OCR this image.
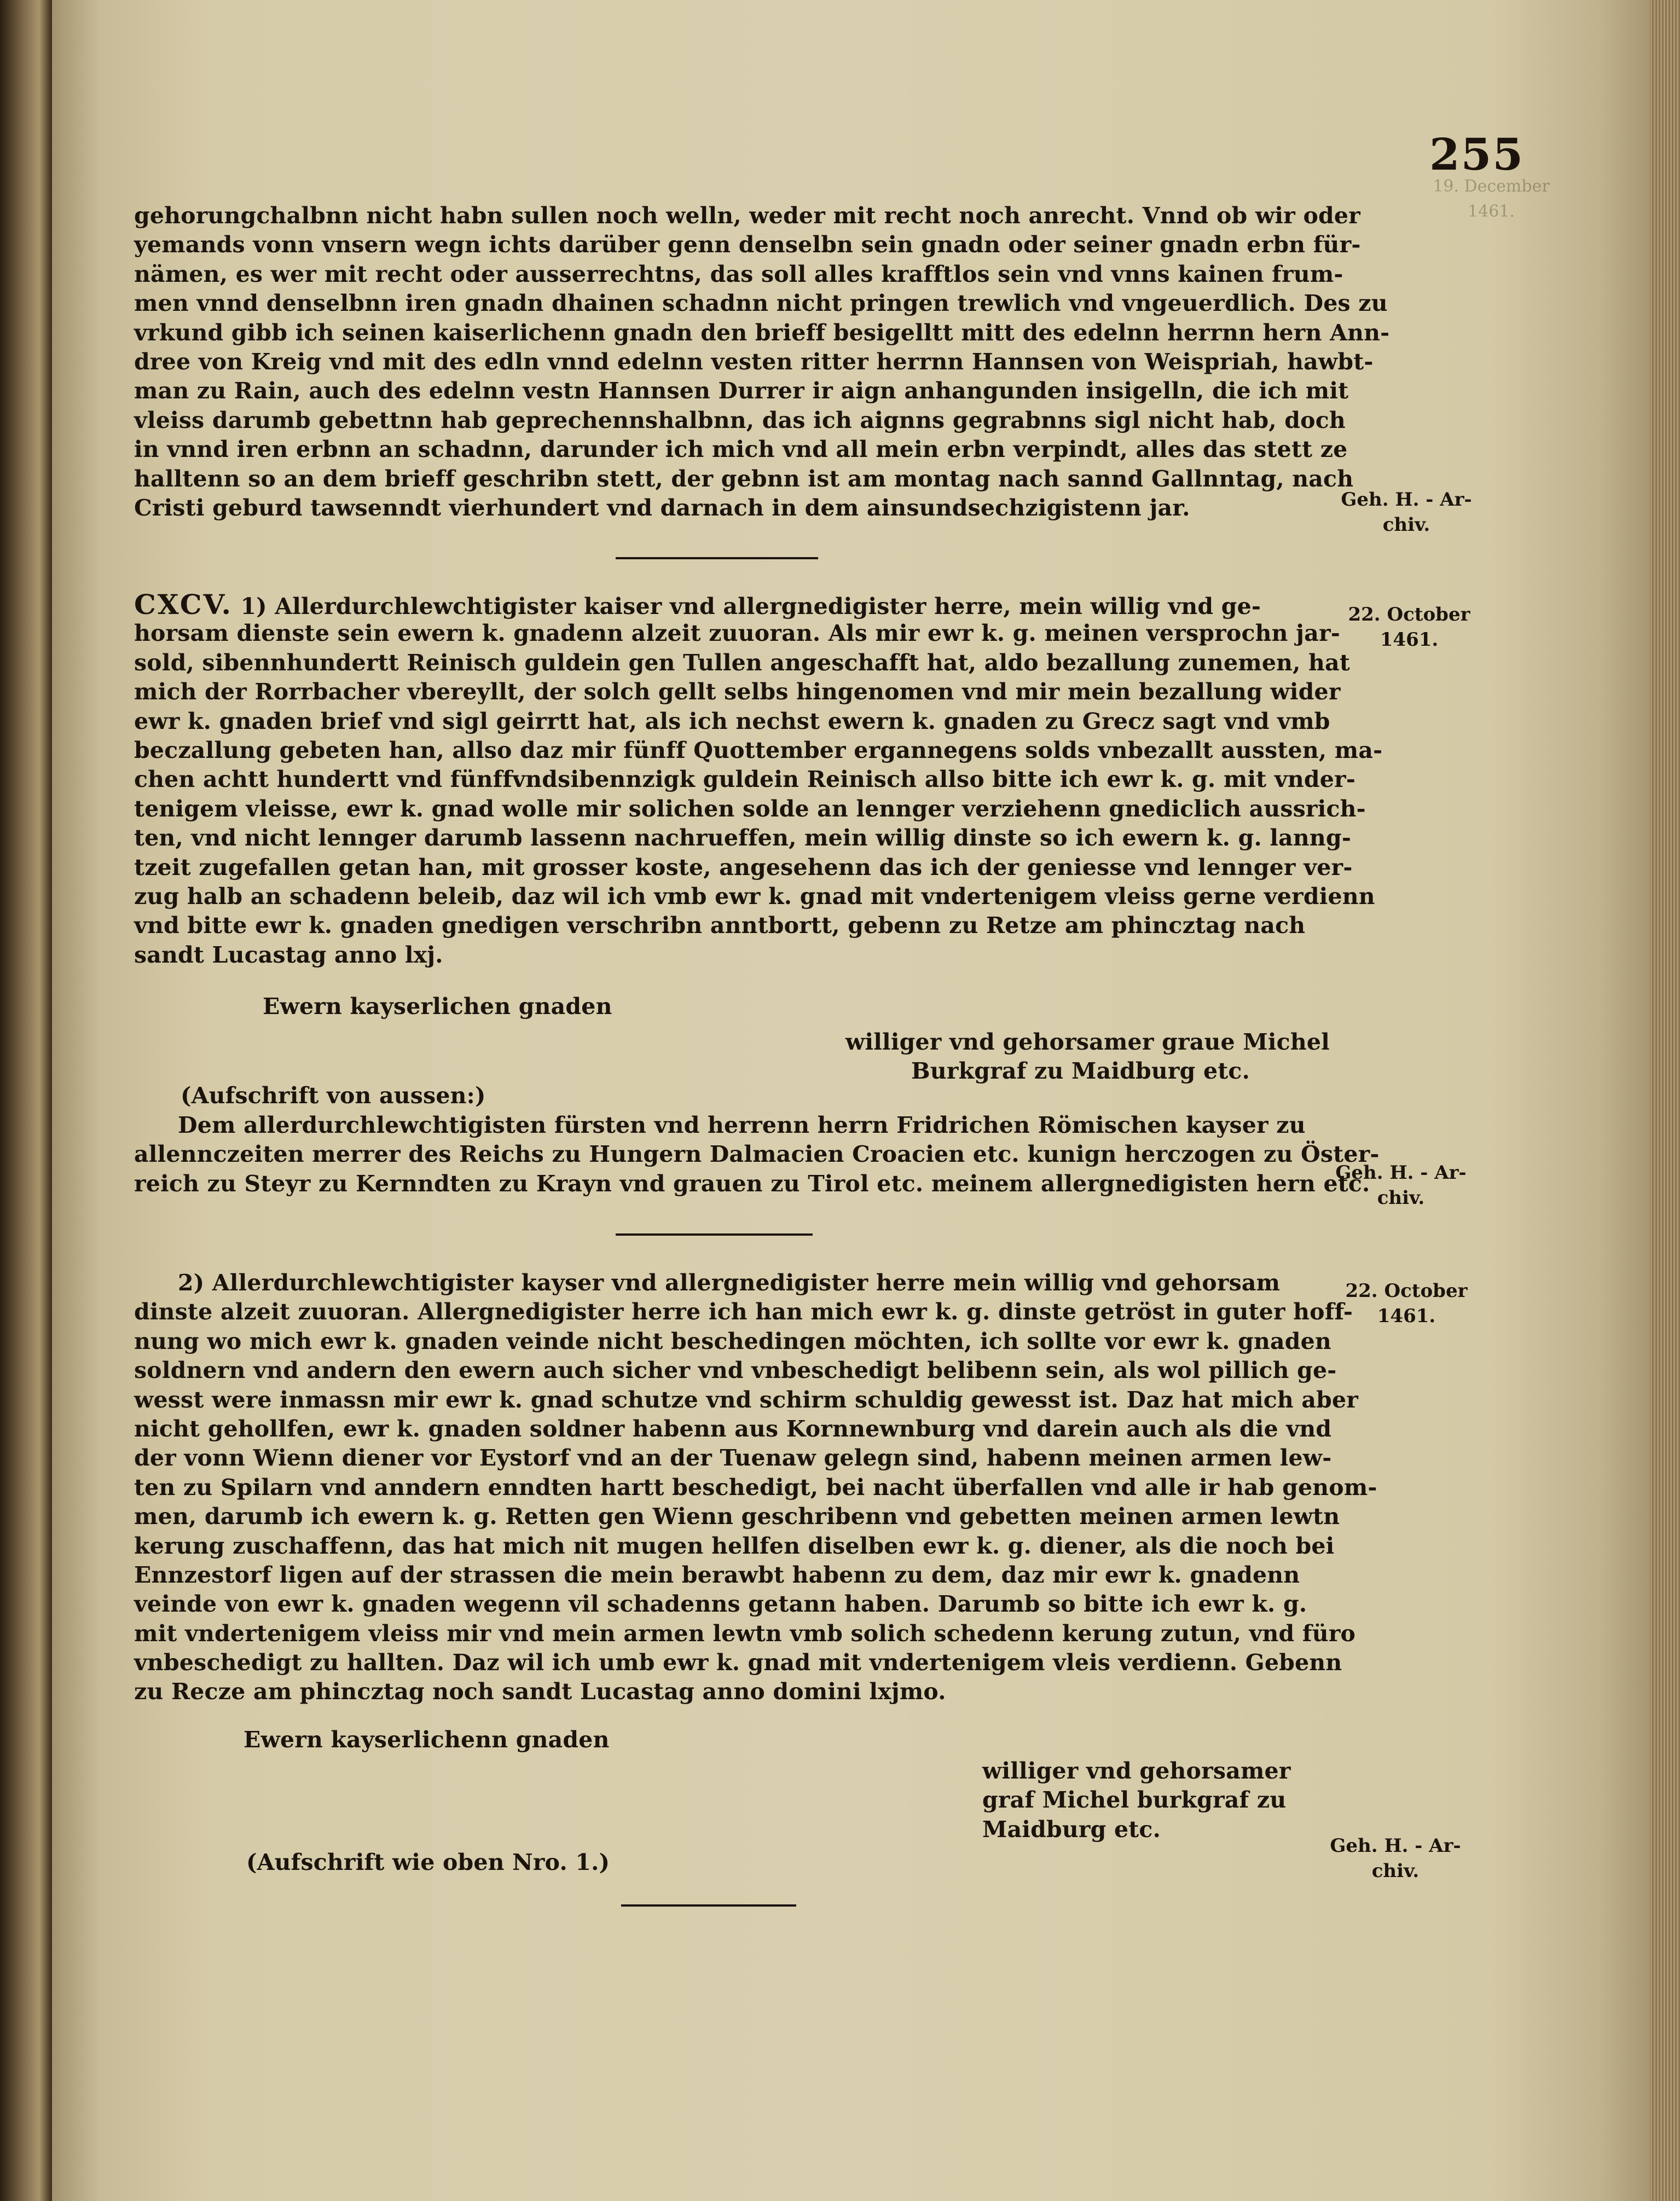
19. December 1461.
255
gehorungchalbnn nicht habn sullen noch welln, weder mit recht noch anrecht. Vnnd ob wir oder
yemands vonn vnsern wegn ichts darüber genn denselbn sein gnadn oder seiner gnadn erbn für-
nämen, es wer mit recht oder ausserrechtns, das soll alles krafftlos sein vnd vnns kainen frum-
men vnnd denselbnn iren gnadn dhainen schadnn nicht pringen trewlich vnd vngeuerdlich. Des zu
vrkund gibb ich seinen kaiserlichenn gnadn den brieff besigelltt mitt des edelnn herrnn hern Ann-
dree von Kreig vnd mit des edln vnnd edelnn vesten ritter herrnn Hannsen von Weispriah, hawbt-
man zu Rain, auch des edelnn vestn Hannsen Durrer ir aign anhangunden insigelln, die ich mit
vleiss darumb gebettnn hab geprechennshalbnn, das ich aignns gegrabnns sigl nicht hab, doch
in vnnd iren erbnn an schadnn, darunder ich mich vnd all mein erbn verpindt, alles das stett ze
halltenn so an dem brieff geschribn stett, der gebnn ist am montag nach sannd Gallnntag, nach
Cristi geburd tawsenndt vierhundert vnd darnach in dem ainsundsechzigistenn jar.	Geh. H. - Ar-
chiv.
22. October
1461.
CXCV. 1) Allerdurchlewchtigister kaiser vnd allergnedigister herre, mein willig vnd ge-
horsam dienste sein ewern k. gnadenn alzeit zuuoran. Als mir ewr k. g. meinen versprochn jar-
sold, sibennhundertt Reinisch guldein gen Tullen angeschafft hat, aldo bezallung zunemen, hat
mich der Rorrbacher vbereyllt, der solch gellt selbs hingenomen vnd mir mein bezallung wider
ewr k. gnaden brief vnd sigl geirrtt hat, als ich nechst ewern k. gnaden zu Grecz sagt vnd vmb
beczallung gebeten han, allso daz mir fünff Quottember ergannegens solds vnbezallt aussten, ma-
chen achtt hundertt vnd fünffvndsibennzigk guldein Reinisch allso bitte ich ewr k. g. mit vnder-
tenigem vleisse, ewr k. gnad wolle mir solichen solde an lennger verziehenn gnediclich aussrich-
ten, vnd nicht lennger darumb lassenn nachrueffen, mein willig dinste so ich ewern k. g. lanng-
tzeit zugefallen getan han, mit grosser koste, angesehenn das ich der geniesse vnd lennger ver-
zug halb an schadenn beleib, daz wil ich vmb ewr k. gnad mit vndertenigem vleiss gerne verdienn
vnd bitte ewr k. gnaden gnedigen verschribn anntbortt, gebenn zu Retze am phincztag nach
sandt Lucastag anno lxj.
Ewern kayserlichen gnaden
williger vnd gehorsamer graue Michel
Burkgraf zu Maidburg etc.
(Aufschrift von aussen:)
Dem allerdurchlewchtigisten fürsten vnd herrenn herrn Fridrichen Römischen kayser zu
allennczeiten merrer des Reichs zu Hungern Dalmacien Croacien etc. kunign herczogen zu Öster-
reich zu Steyr zu Kernndten zu Krayn vnd grauen zu Tirol etc. meinem allergnedigisten hern etc.
Geh. H. - Ar-
chiv.
22. October
1461.
2) Allerdurchlewchtigister kayser vnd allergnedigister herre mein willig vnd gehorsam
dinste alzeit zuuoran. Allergnedigister herre ich han mich ewr k. g. dinste getröst in guter hoff-
nung wo mich ewr k. gnaden veinde nicht beschedingen möchten, ich sollte vor ewr k. gnaden
soldnern vnd andern den ewern auch sicher vnd vnbeschedigt belibenn sein, als wol pillich ge-
wesst were inmassn mir ewr k. gnad schutze vnd schirm schuldig gewesst ist. Daz hat mich aber
nicht gehollfen, ewr k. gnaden soldner habenn aus Kornnewnburg vnd darein auch als die vnd
der vonn Wienn diener vor Eystorf vnd an der Tuenaw gelegn sind, habenn meinen armen lew-
ten zu Spilarn vnd anndern enndten hartt beschedigt, bei nacht überfallen vnd alle ir hab genom-
men, darumb ich ewern k. g. Retten gen Wienn geschribenn vnd gebetten meinen armen lewtn
kerung zuschaffenn, das hat mich nit mugen hellfen diselben ewr k. g. diener, als die noch bei
Ennzestorf ligen auf der strassen die mein berawbt habenn zu dem, daz mir ewr k. gnadenn
veinde von ewr k. gnaden wegenn vil schadenns getann haben. Darumb so bitte ich ewr k. g.
mit vndertenigem vleiss mir vnd mein armen lewtn vmb solich schedenn kerung zutun, vnd füro
vnbeschedigt zu hallten. Daz wil ich umb ewr k. gnad mit vndertenigem vleis verdienn. Gebenn
zu Recze am phincztag noch sandt Lucastag anno domini lxjmo.
Ewern kayserlichenn gnaden
williger vnd gehorsamer
graf Michel burkgraf zu
Maidburg etc.
Geh. H. - Ar-
chiv.
(Aufschrift wie oben Nro. 1.)
